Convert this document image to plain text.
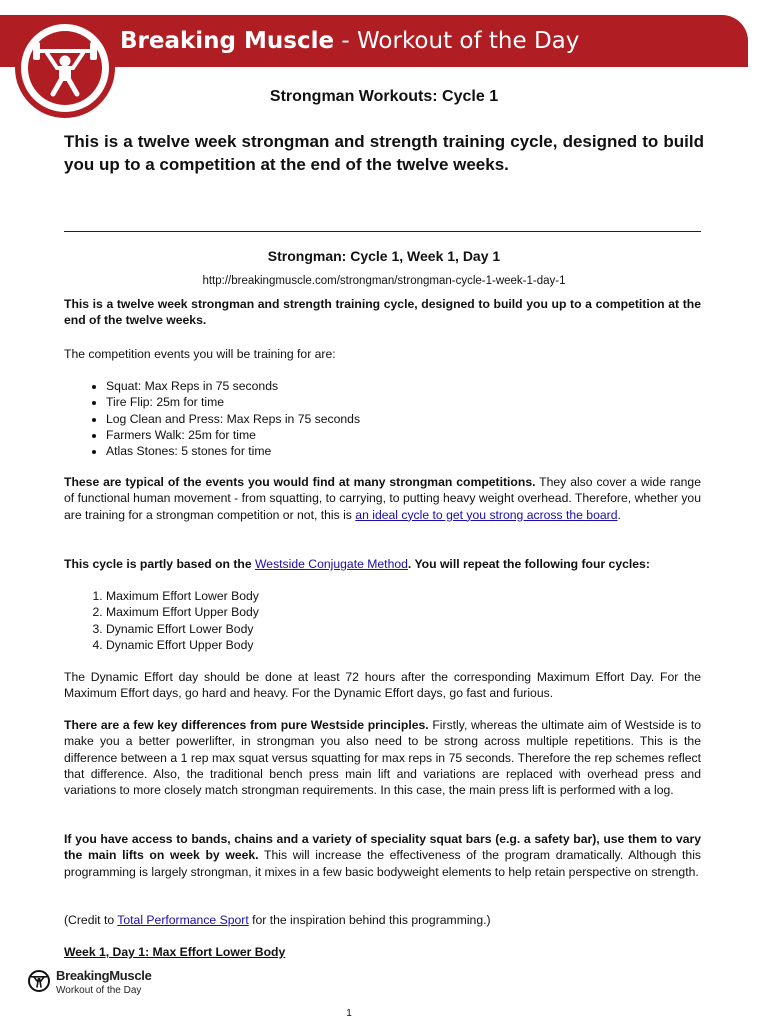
Breaking Muscle - Workout of the Day
Strongman Workouts: Cycle 1
This is a twelve week strongman and strength training cycle, designed to build you up to a competition at the end of the twelve weeks.
Strongman: Cycle 1, Week 1, Day 1
http://breakingmuscle.com/strongman/strongman-cycle-1-week-1-day-1

This is a twelve week strongman and strength training cycle, designed to build you up to a competition at the end of the twelve weeks.

The competition events you will be training for are:

• Squat: Max Reps in 75 seconds
• Tire Flip: 25m for time
• Log Clean and Press: Max Reps in 75 seconds
• Farmers Walk: 25m for time
• Atlas Stones: 5 stones for time

These are typical of the events you would find at many strongman competitions. They also cover a wide range of functional human movement - from squatting, to carrying, to putting heavy weight overhead. Therefore, whether you are training for a strongman competition or not, this is an ideal cycle to get you strong across the board.

This cycle is partly based on the Westside Conjugate Method. You will repeat the following four cycles:

1. Maximum Effort Lower Body
2. Maximum Effort Upper Body
3. Dynamic Effort Lower Body
4. Dynamic Effort Upper Body

The Dynamic Effort day should be done at least 72 hours after the corresponding Maximum Effort Day. For the Maximum Effort days, go hard and heavy. For the Dynamic Effort days, go fast and furious.

There are a few key differences from pure Westside principles. Firstly, whereas the ultimate aim of Westside is to make you a better powerlifter, in strongman you also need to be strong across multiple repetitions. This is the difference between a 1 rep max squat versus squatting for max reps in 75 seconds. Therefore the rep schemes reflect that difference. Also, the traditional bench press main lift and variations are replaced with overhead press and variations to more closely match strongman requirements. In this case, the main press lift is performed with a log.

If you have access to bands, chains and a variety of speciality squat bars (e.g. a safety bar), use them to vary the main lifts on week by week. This will increase the effectiveness of the program dramatically. Although this programming is largely strongman, it mixes in a few basic bodyweight elements to help retain perspective on strength.

(Credit to Total Performance Sport for the inspiration behind this programming.)

Week 1, Day 1: Max Effort Lower Body

BreakingMuscle
Workout of the Day
1
